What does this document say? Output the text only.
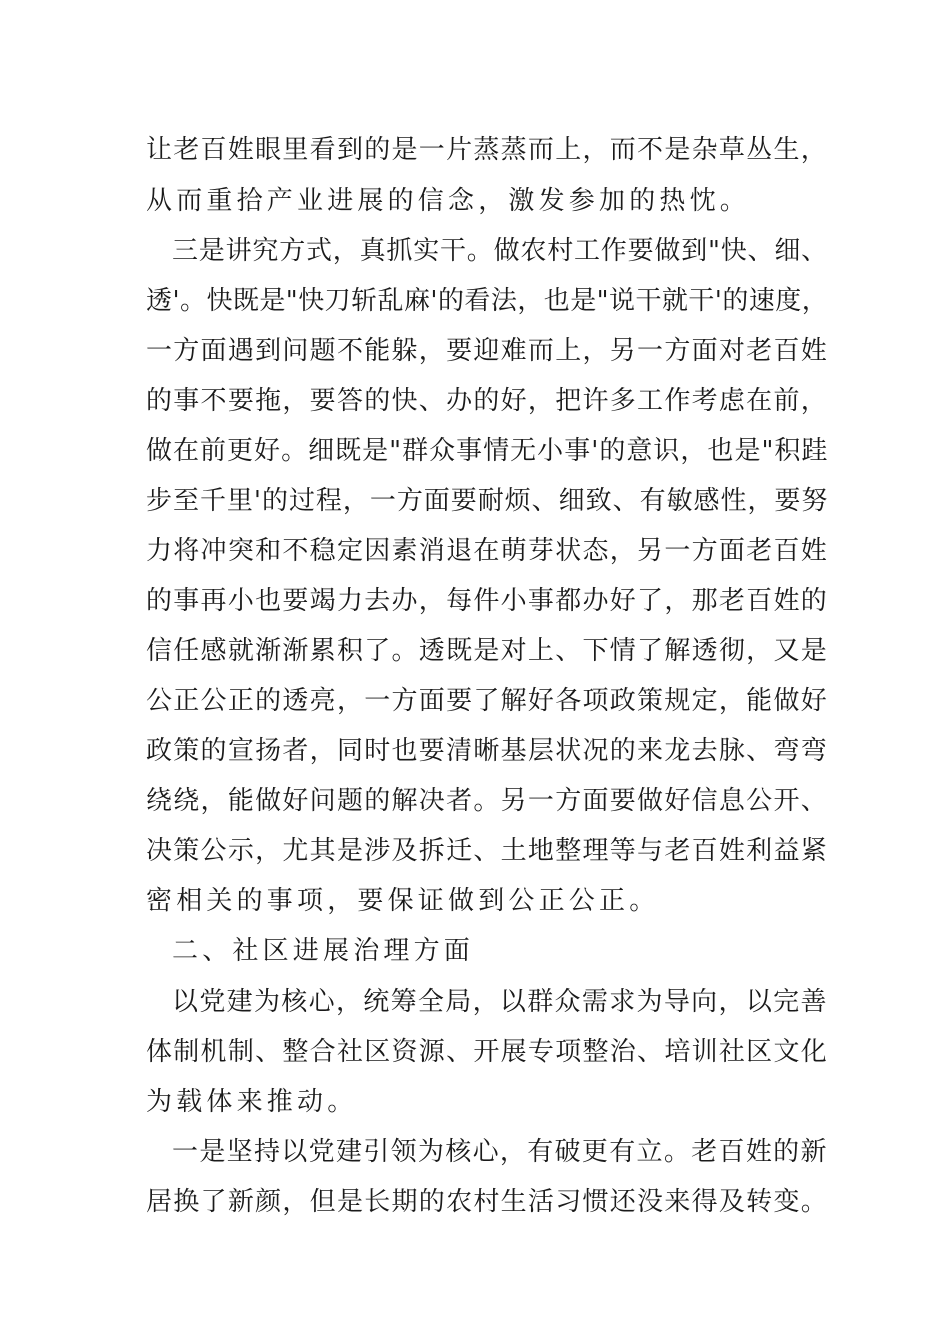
让老百姓眼里看到的是一片蒸蒸而上，而不是杂草丛生，
从而重拾产业进展的信念，激发参加的热忱。
三是讲究方式，真抓实干。做农村工作要做到"快、细、
透'。快既是"快刀斩乱麻'的看法，也是"说干就干'的速度，
一方面遇到问题不能躲，要迎难而上，另一方面对老百姓
的事不要拖，要答的快、办的好，把许多工作考虑在前，
做在前更好。细既是"群众事情无小事'的意识，也是"积跬
步至千里'的过程，一方面要耐烦、细致、有敏感性，要努
力将冲突和不稳定因素消退在萌芽状态，另一方面老百姓
的事再小也要竭力去办，每件小事都办好了，那老百姓的
信任感就渐渐累积了。透既是对上、下情了解透彻，又是
公正公正的透亮，一方面要了解好各项政策规定，能做好
政策的宣扬者，同时也要清晰基层状况的来龙去脉、弯弯
绕绕，能做好问题的解决者。另一方面要做好信息公开、
决策公示，尤其是涉及拆迁、土地整理等与老百姓利益紧
密相关的事项，要保证做到公正公正。
二、社区进展治理方面
以党建为核心，统筹全局，以群众需求为导向，以完善
体制机制、整合社区资源、开展专项整治、培训社区文化
为载体来推动。
一是坚持以党建引领为核心，有破更有立。老百姓的新
居换了新颜，但是长期的农村生活习惯还没来得及转变。
